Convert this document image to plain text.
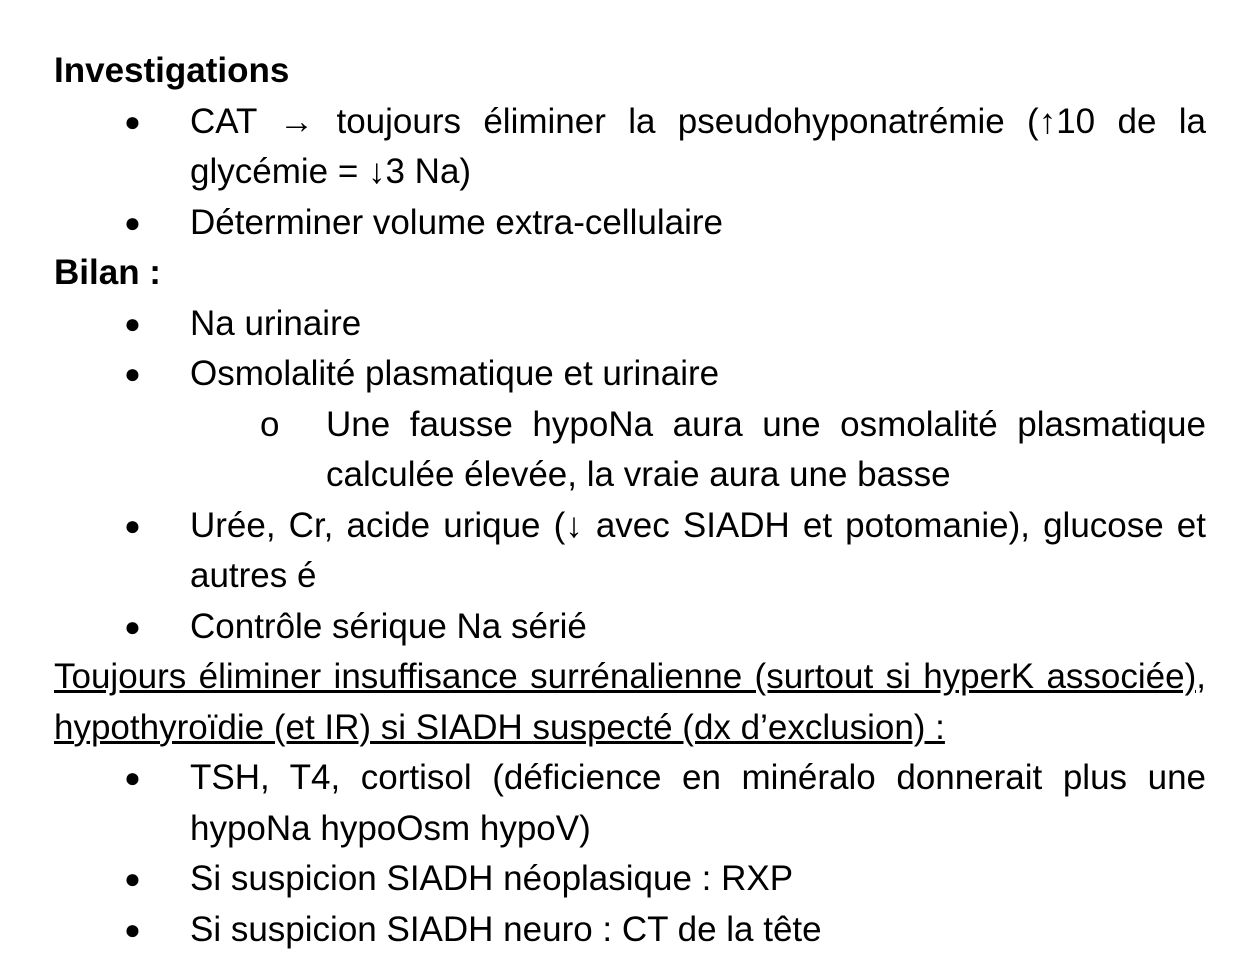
Investigations

● CAT → toujours éliminer la pseudohyponatrémie (↑10 de la glycémie = ↓3 Na)
● Déterminer volume extra-cellulaire

Bilan :

● Na urinaire
● Osmolalité plasmatique et urinaire
o Une fausse hypoNa aura une osmolalité plasmatique calculée élevée, la vraie aura une basse
● Urée, Cr, acide urique (↓ avec SIADH et potomanie), glucose et autres é
● Contrôle sérique Na sérié

Toujours éliminer insuffisance surrénalienne (surtout si hyperK associée), hypothyroïdie (et IR) si SIADH suspecté (dx d’exclusion) :

● TSH, T4, cortisol (déficience en minéralo donnerait plus une hypoNa hypoOsm hypoV)
● Si suspicion SIADH néoplasique : RXP
● Si suspicion SIADH neuro : CT de la tête
